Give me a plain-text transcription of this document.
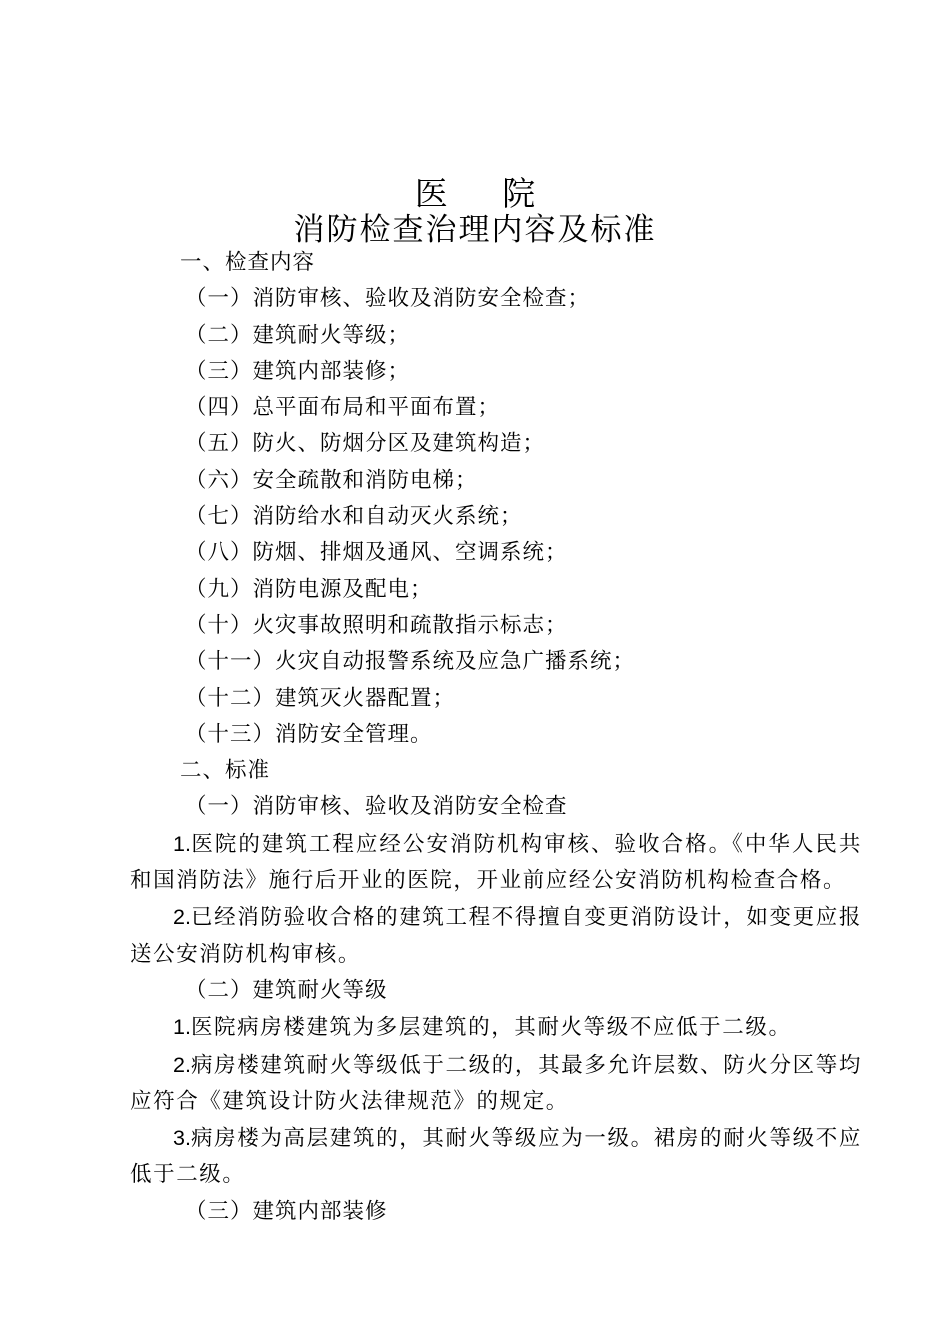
医 院
消防检查治理内容及标准

一、检查内容

（一）消防审核、验收及消防安全检查；

（二）建筑耐火等级；

（三）建筑内部装修；

（四）总平面布局和平面布置；

（五）防火、防烟分区及建筑构造；

（六）安全疏散和消防电梯；

（七）消防给水和自动灭火系统；

（八）防烟、排烟及通风、空调系统；

（九）消防电源及配电；

（十）火灾事故照明和疏散指示标志；

（十一）火灾自动报警系统及应急广播系统；

（十二）建筑灭火器配置；

（十三）消防安全管理。

二、标准

（一）消防审核、验收及消防安全检查

1.医院的建筑工程应经公安消防机构审核、验收合格。《中华人民共和国消防法》施行后开业的医院，开业前应经公安消防机构检查合格。

2.已经消防验收合格的建筑工程不得擅自变更消防设计，如变更应报送公安消防机构审核。

（二）建筑耐火等级

1.医院病房楼建筑为多层建筑的，其耐火等级不应低于二级。

2.病房楼建筑耐火等级低于二级的，其最多允许层数、防火分区等均应符合《建筑设计防火法律规范》的规定。

3.病房楼为高层建筑的，其耐火等级应为一级。裙房的耐火等级不应低于二级。

（三）建筑内部装修
